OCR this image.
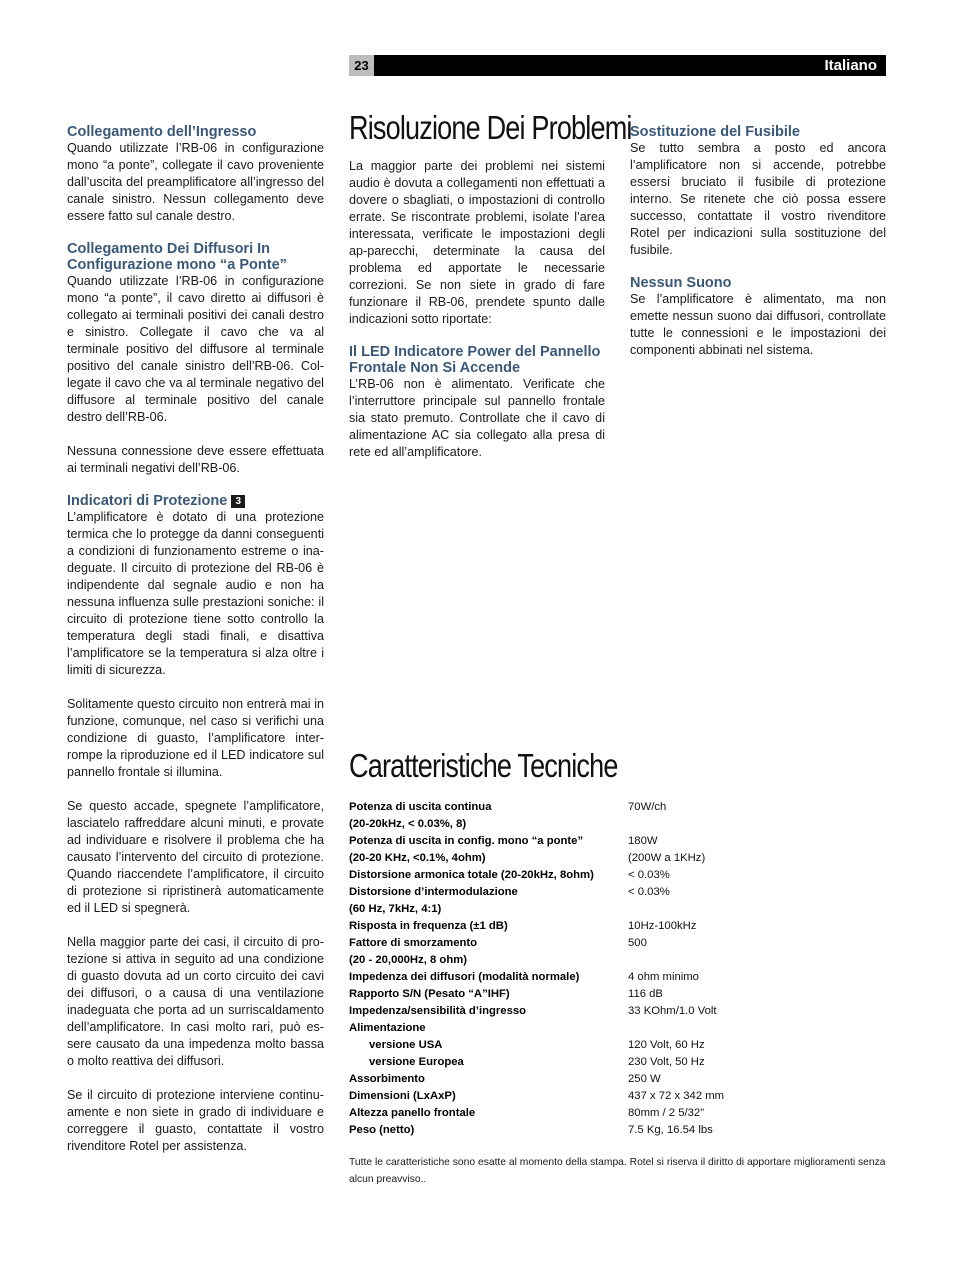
23	Italiano
Collegamento dell’Ingresso

Quando utilizzate l’RB-06 in configurazione mono “a ponte”, collegate il cavo proveniente dall’uscita del preamplificatore all’ingresso del canale sinistro. Nessun collegamento deve essere fatto sul canale destro.

Collegamento Dei Diffusori In Configurazione mono “a Ponte”

Quando utilizzate l’RB-06 in configurazione mono “a ponte”, il cavo diretto ai diffusori è collegato ai terminali positivi dei canali destro e sinistro. Collegate il cavo che va al terminale positivo del diffusore al terminale positivo del canale sinistro dell’RB-06. Col-legate il cavo che va al terminale negativo del diffusore al terminale positivo del canale destro dell’RB-06.

Nessuna connessione deve essere effettuata ai terminali negativi dell’RB-06.

Indicatori di Protezione 3

L’amplificatore è dotato di una protezione termica che lo protegge da danni conseguenti a condizioni di funzionamento estreme o ina-deguate. Il circuito di protezione del RB-06 è indipendente dal segnale audio e non ha nessuna influenza sulle prestazioni soniche: il circuito di protezione tiene sotto controllo la temperatura degli stadi finali, e disattiva l’amplificatore se la temperatura si alza oltre i limiti di sicurezza.

Solitamente questo circuito non entrerà mai in funzione, comunque, nel caso si verifichi una condizione di guasto, l’amplificatore inter-rompe la riproduzione ed il LED indicatore sul pannello frontale si illumina.

Se questo accade, spegnete l’amplificatore, lasciatelo raffreddare alcuni minuti, e provate ad individuare e risolvere il problema che ha causato l’intervento del circuito di protezione. Quando riaccendete l’amplificatore, il circuito di protezione si ripristinerà automaticamente ed il LED si spegnerà.

Nella maggior parte dei casi, il circuito di pro-tezione si attiva in seguito ad una condizione di guasto dovuta ad un corto circuito dei cavi dei diffusori, o a causa di una ventilazione inadeguata che porta ad un surriscaldamento dell’amplificatore. In casi molto rari, può es-sere causato da una impedenza molto bassa o molto reattiva dei diffusori.

Se il circuito di protezione interviene continu-amente e non siete in grado di individuare e correggere il guasto, contattate il vostro rivenditore Rotel per assistenza.

Risoluzione Dei Problemi

La maggior parte dei problemi nei sistemi audio è dovuta a collegamenti non effettuati a dovere o sbagliati, o impostazioni di controllo errate. Se riscontrate problemi, isolate l’area interessata, verificate le impostazioni degli ap-parecchi, determinate la causa del problema ed apportate le necessarie correzioni. Se non siete in grado di fare funzionare il RB-06, prendete spunto dalle indicazioni sotto riportate:

Il LED Indicatore Power del Pannello Frontale Non Si Accende

L’RB-06 non è alimentato. Verificate che l’interruttore principale sul pannello frontale sia stato premuto. Controllate che il cavo di alimentazione AC sia collegato alla presa di rete ed all’amplificatore.

Sostituzione del Fusibile

Se tutto sembra a posto ed ancora l’amplificatore non si accende, potrebbe essersi bruciato il fusibile di protezione interno. Se ritenete che ciò possa essere successo, contattate il vostro rivenditore Rotel per indicazioni sulla sostituzione del fusibile.

Nessun Suono

Se l’amplificatore è alimentato, ma non emette nessun suono dai diffusori, controllate tutte le connessioni e le impostazioni dei componenti abbinati nel sistema.

Caratteristiche Tecniche
Potenza di uscita continua	70W/ch
(20-20kHz, < 0.03%, 8)
Potenza di uscita in config. mono “a ponte”	180W
(20-20 KHz, <0.1%, 4ohm)	(200W a 1KHz)
Distorsione armonica totale (20-20kHz, 8ohm)	< 0.03%
Distorsione d’intermodulazione	< 0.03%
(60 Hz, 7kHz, 4:1)
Risposta in frequenza (±1 dB)	10Hz-100kHz
Fattore di smorzamento	500
(20 - 20,000Hz, 8 ohm)
Impedenza dei diffusori (modalità normale)	4 ohm minimo
Rapporto S/N (Pesato “A”IHF)	116 dB
Impedenza/sensibilità d’ingresso	33 KOhm/1.0 Volt
Alimentazione
versione USA	120 Volt, 60 Hz
versione Europea	230 Volt, 50 Hz
Assorbimento	250 W
Dimensioni (LxAxP)	437 x 72 x 342 mm
Altezza panello frontale	80mm / 2 5/32”
Peso (netto)	7.5 Kg, 16.54 lbs
Tutte le caratteristiche sono esatte al momento della stampa. Rotel si riserva il diritto di apportare miglioramenti senza alcun preavviso..
